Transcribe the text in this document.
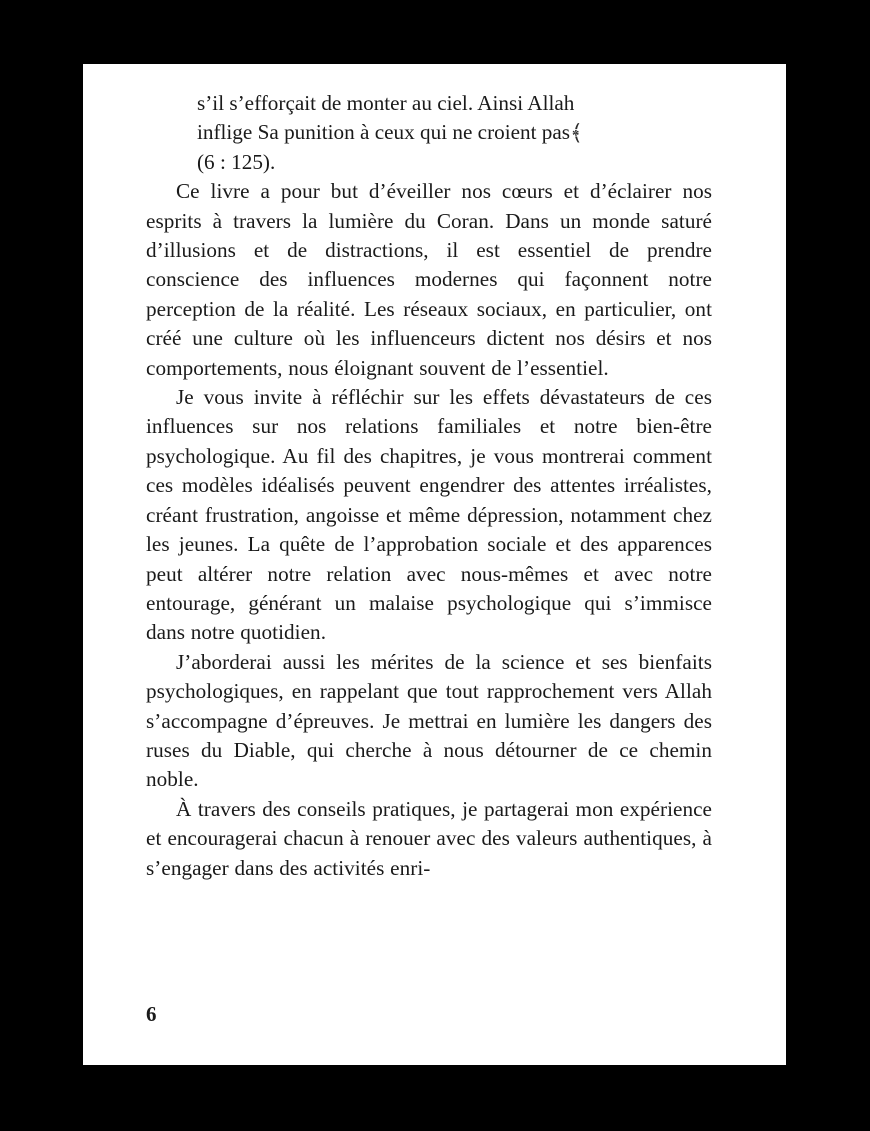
s’il s’efforçait de monter au ciel. Ainsi Allah
inflige Sa punition à ceux qui ne croient pas﴾
(6 : 125).

Ce livre a pour but d’éveiller nos cœurs et d’éclairer nos esprits à travers la lumière du Coran. Dans un monde saturé d’illusions et de distractions, il est essentiel de prendre conscience des influences modernes qui façonnent notre perception de la réalité. Les réseaux sociaux, en particulier, ont créé une culture où les influenceurs dictent nos désirs et nos comportements, nous éloignant souvent de l’essentiel.

Je vous invite à réfléchir sur les effets dévastateurs de ces influences sur nos relations familiales et notre bien-être psychologique. Au fil des chapitres, je vous montrerai comment ces modèles idéalisés peuvent engendrer des attentes irréalistes, créant frustration, angoisse et même dépression, notamment chez les jeunes. La quête de l’approbation sociale et des apparences peut altérer notre relation avec nous-mêmes et avec notre entourage, générant un malaise psychologique qui s’immisce dans notre quotidien.

J’aborderai aussi les mérites de la science et ses bienfaits psychologiques, en rappelant que tout rapprochement vers Allah s’accompagne d’épreuves. Je mettrai en lumière les dangers des ruses du Diable, qui cherche à nous détourner de ce chemin noble.

À travers des conseils pratiques, je partagerai mon expérience et encouragerai chacun à renouer avec des valeurs authentiques, à s’engager dans des activités enri-

6
